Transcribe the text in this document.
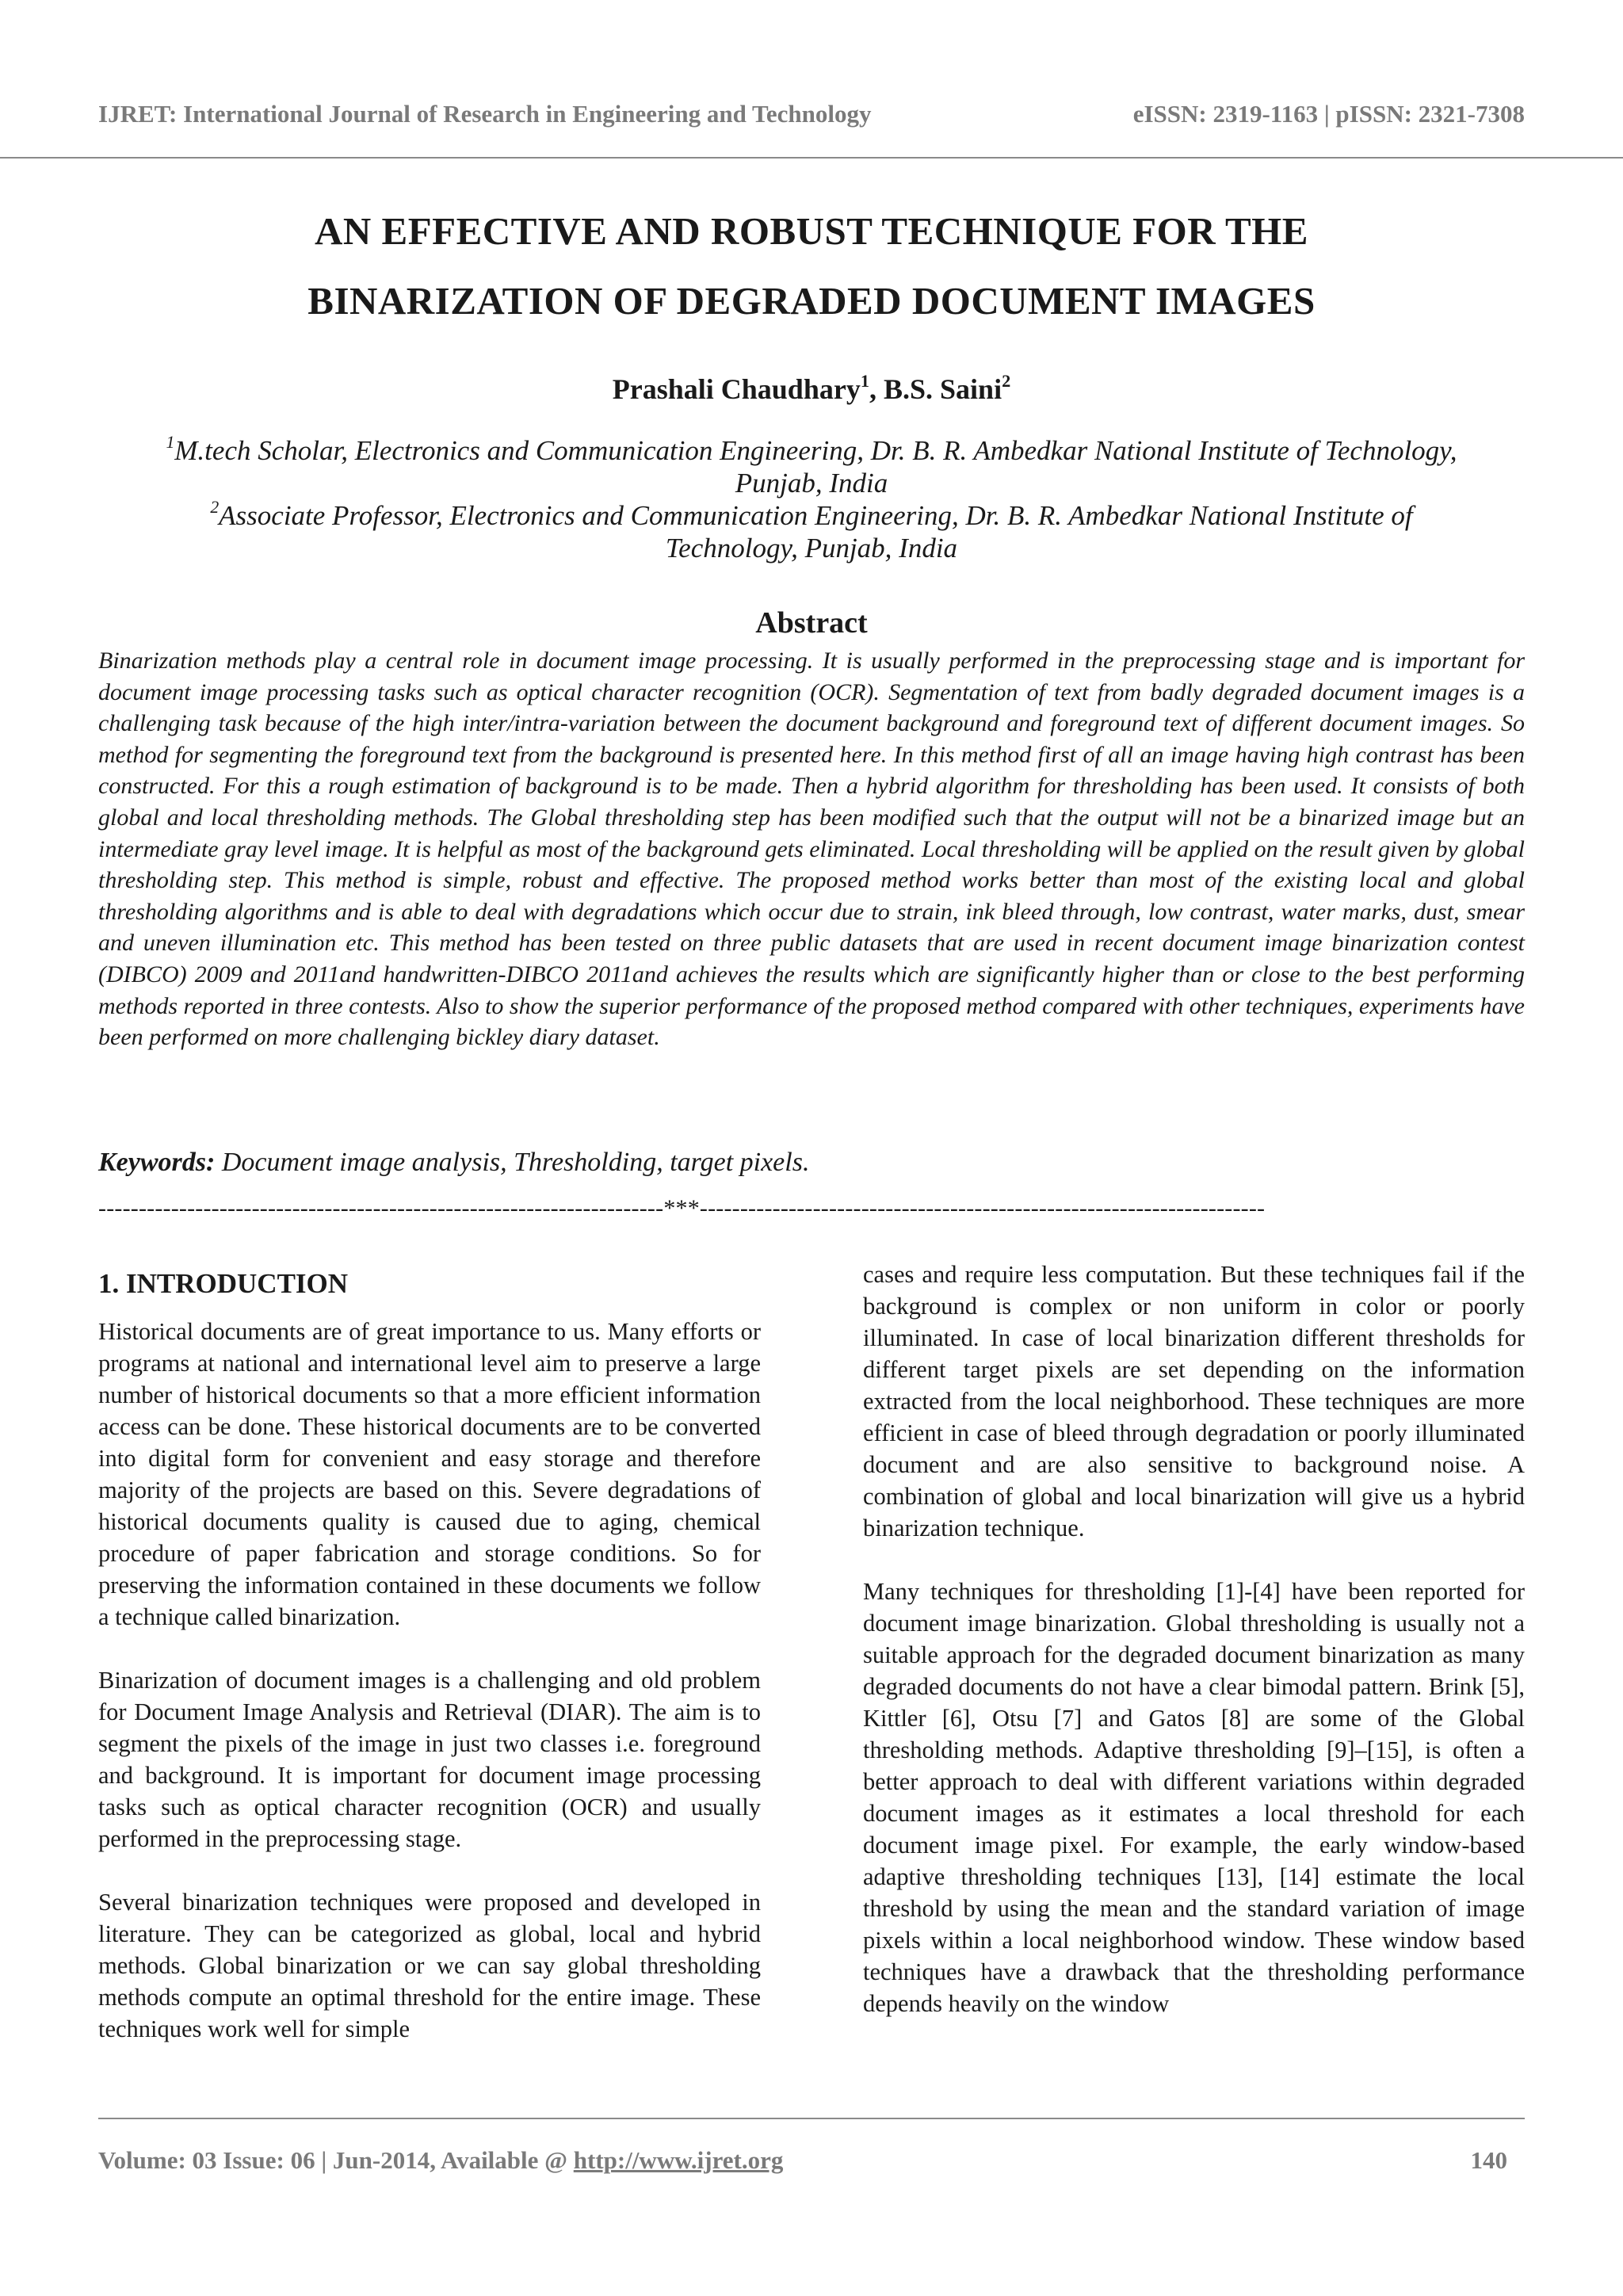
IJRET: International Journal of Research in Engineering and Technology	eISSN: 2319-1163 | pISSN: 2321-7308
AN EFFECTIVE AND ROBUST TECHNIQUE FOR THE
BINARIZATION OF DEGRADED DOCUMENT IMAGES
Prashali Chaudhary$^1$, B.S. Saini$^2$
$^1$M.tech Scholar, Electronics and Communication Engineering, Dr. B. R. Ambedkar National Institute of Technology,
Punjab, India
$^2$Associate Professor, Electronics and Communication Engineering, Dr. B. R. Ambedkar National Institute of
Technology, Punjab, India
Abstract
Binarization methods play a central role in document image processing. It is usually performed in the preprocessing stage and is important for document image processing tasks such as optical character recognition (OCR). Segmentation of text from badly degraded document images is a challenging task because of the high inter/intra-variation between the document background and foreground text of different document images. So method for segmenting the foreground text from the background is presented here. In this method first of all an image having high contrast has been constructed. For this a rough estimation of background is to be made. Then a hybrid algorithm for thresholding has been used. It consists of both global and local thresholding methods. The Global thresholding step has been modified such that the output will not be a binarized image but an intermediate gray level image. It is helpful as most of the background gets eliminated. Local thresholding will be applied on the result given by global thresholding step. This method is simple, robust and effective. The proposed method works better than most of the existing local and global thresholding algorithms and is able to deal with degradations which occur due to strain, ink bleed through, low contrast, water marks, dust, smear and uneven illumination etc. This method has been tested on three public datasets that are used in recent document image binarization contest (DIBCO) 2009 and 2011and handwritten-DIBCO 2011and achieves the results which are significantly higher than or close to the best performing methods reported in three contests. Also to show the superior performance of the proposed method compared with other techniques, experiments have been performed on more challenging bickley diary dataset.
Keywords: Document image analysis, Thresholding, target pixels.
----------------------------------------------------------------------***----------------------------------------------------------------------
1. INTRODUCTION

Historical documents are of great importance to us. Many efforts or programs at national and international level aim to preserve a large number of historical documents so that a more efficient information access can be done. These historical documents are to be converted into digital form for convenient and easy storage and therefore majority of the projects are based on this. Severe degradations of historical documents quality is caused due to aging, chemical procedure of paper fabrication and storage conditions. So for preserving the information contained in these documents we follow a technique called binarization.

Binarization of document images is a challenging and old problem for Document Image Analysis and Retrieval (DIAR). The aim is to segment the pixels of the image in just two classes i.e. foreground and background. It is important for document image processing tasks such as optical character recognition (OCR) and usually performed in the preprocessing stage.

Several binarization techniques were proposed and developed in literature. They can be categorized as global, local and hybrid methods. Global binarization or we can say global thresholding methods compute an optimal threshold for the entire image. These techniques work well for simple

cases and require less computation. But these techniques fail if the background is complex or non uniform in color or poorly illuminated. In case of local binarization different thresholds for different target pixels are set depending on the information extracted from the local neighborhood. These techniques are more efficient in case of bleed through degradation or poorly illuminated document and are also sensitive to background noise. A combination of global and local binarization will give us a hybrid binarization technique.

Many techniques for thresholding [1]-[4] have been reported for document image binarization. Global thresholding is usually not a suitable approach for the degraded document binarization as many degraded documents do not have a clear bimodal pattern. Brink [5], Kittler [6], Otsu [7] and Gatos [8] are some of the Global thresholding methods. Adaptive thresholding [9]–[15], is often a better approach to deal with different variations within degraded document images as it estimates a local threshold for each document image pixel. For example, the early window-based adaptive thresholding techniques [13], [14] estimate the local threshold by using the mean and the standard variation of image pixels within a local neighborhood window. These window based techniques have a drawback that the thresholding performance depends heavily on the window

Volume: 03 Issue: 06 | Jun-2014, Available @ http://www.ijret.org	140
